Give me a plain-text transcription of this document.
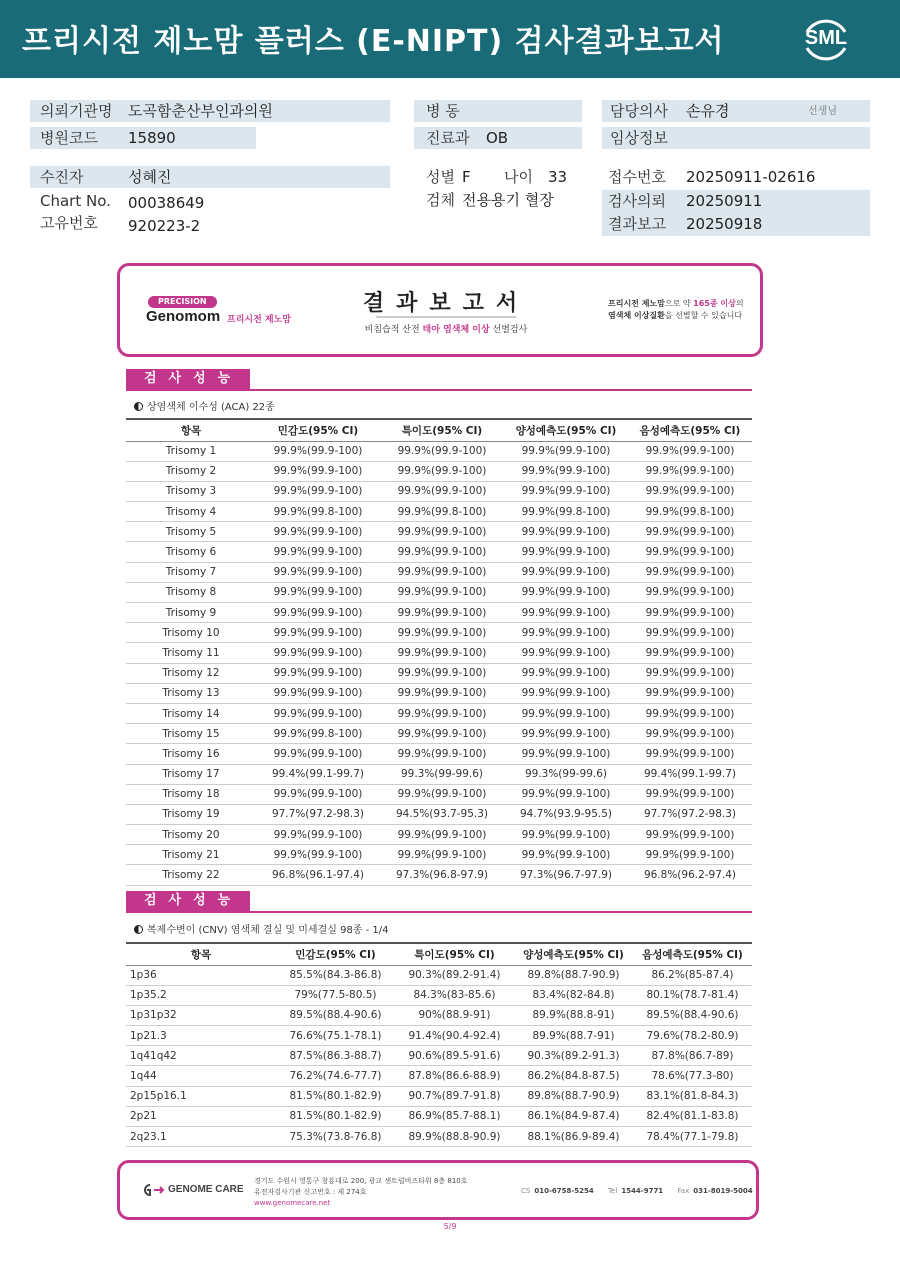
프리시전 제노맘 플러스 (E-NIPT) 검사결과보고서	SML
의뢰기관명 도곡함춘산부인과의원
병원코드 15890
병 동
진료과 OB
담당의사 손유경	선생님
임상정보
수진자	성혜진
Chart No. 00038649
고유번호 920223-2
성별 F 나이 33
검체 전용용기 혈장
접수번호 20250911-02616
검사의뢰 20250911
결과보고 20250918
PRECISION
Genomom 프리시전 제노맘
결과보고서
비침습적 산전 태아 염색체 이상 선별검사
프리시전 제노맘으로 약 165종 이상의
염색체 이상질환을 선별할 수 있습니다
검사성능
상염색체 이수성 (ACA) 22종
항목	민감도(95% CI)	특이도(95% CI)	양성예측도(95% CI)	음성예측도(95% CI)
Trisomy 1	99.9%(99.9-100)	99.9%(99.9-100)	99.9%(99.9-100)	99.9%(99.9-100)
Trisomy 2	99.9%(99.9-100)	99.9%(99.9-100)	99.9%(99.9-100)	99.9%(99.9-100)
Trisomy 3	99.9%(99.9-100)	99.9%(99.9-100)	99.9%(99.9-100)	99.9%(99.9-100)
Trisomy 4	99.9%(99.8-100)	99.9%(99.8-100)	99.9%(99.8-100)	99.9%(99.8-100)
Trisomy 5	99.9%(99.9-100)	99.9%(99.9-100)	99.9%(99.9-100)	99.9%(99.9-100)
Trisomy 6	99.9%(99.9-100)	99.9%(99.9-100)	99.9%(99.9-100)	99.9%(99.9-100)
Trisomy 7	99.9%(99.9-100)	99.9%(99.9-100)	99.9%(99.9-100)	99.9%(99.9-100)
Trisomy 8	99.9%(99.9-100)	99.9%(99.9-100)	99.9%(99.9-100)	99.9%(99.9-100)
Trisomy 9	99.9%(99.9-100)	99.9%(99.9-100)	99.9%(99.9-100)	99.9%(99.9-100)
Trisomy 10	99.9%(99.9-100)	99.9%(99.9-100)	99.9%(99.9-100)	99.9%(99.9-100)
Trisomy 11	99.9%(99.9-100)	99.9%(99.9-100)	99.9%(99.9-100)	99.9%(99.9-100)
Trisomy 12	99.9%(99.9-100)	99.9%(99.9-100)	99.9%(99.9-100)	99.9%(99.9-100)
Trisomy 13	99.9%(99.9-100)	99.9%(99.9-100)	99.9%(99.9-100)	99.9%(99.9-100)
Trisomy 14	99.9%(99.9-100)	99.9%(99.9-100)	99.9%(99.9-100)	99.9%(99.9-100)
Trisomy 15	99.9%(99.8-100)	99.9%(99.9-100)	99.9%(99.9-100)	99.9%(99.9-100)
Trisomy 16	99.9%(99.9-100)	99.9%(99.9-100)	99.9%(99.9-100)	99.9%(99.9-100)
Trisomy 17	99.4%(99.1-99.7)	99.3%(99-99.6)	99.3%(99-99.6)	99.4%(99.1-99.7)
Trisomy 18	99.9%(99.9-100)	99.9%(99.9-100)	99.9%(99.9-100)	99.9%(99.9-100)
Trisomy 19	97.7%(97.2-98.3)	94.5%(93.7-95.3)	94.7%(93.9-95.5)	97.7%(97.2-98.3)
Trisomy 20	99.9%(99.9-100)	99.9%(99.9-100)	99.9%(99.9-100)	99.9%(99.9-100)
Trisomy 21	99.9%(99.9-100)	99.9%(99.9-100)	99.9%(99.9-100)	99.9%(99.9-100)
Trisomy 22	96.8%(96.1-97.4)	97.3%(96.8-97.9)	97.3%(96.7-97.9)	96.8%(96.2-97.4)
검사성능
복제수변이 (CNV) 염색체 결실 및 미세결실 98종 - 1/4
항목	민감도(95% CI)	특이도(95% CI)	양성예측도(95% CI)	음성예측도(95% CI)
1p36	85.5%(84.3-86.8)	90.3%(89.2-91.4)	89.8%(88.7-90.9)	86.2%(85-87.4)
1p35.2	79%(77.5-80.5)	84.3%(83-85.6)	83.4%(82-84.8)	80.1%(78.7-81.4)
1p31p32	89.5%(88.4-90.6)	90%(88.9-91)	89.9%(88.8-91)	89.5%(88.4-90.6)
1p21.3	76.6%(75.1-78.1)	91.4%(90.4-92.4)	89.9%(88.7-91)	79.6%(78.2-80.9)
1q41q42	87.5%(86.3-88.7)	90.6%(89.5-91.6)	90.3%(89.2-91.3)	87.8%(86.7-89)
1q44	76.2%(74.6-77.7)	87.8%(86.6-88.9)	86.2%(84.8-87.5)	78.6%(77.3-80)
2p15p16.1	81.5%(80.1-82.9)	90.7%(89.7-91.8)	89.8%(88.7-90.9)	83.1%(81.8-84.3)
2p21	81.5%(80.1-82.9)	86.9%(85.7-88.1)	86.1%(84.9-87.4)	82.4%(81.1-83.8)
2q23.1	75.3%(73.8-76.8)	89.9%(88.8-90.9)	88.1%(86.9-89.4)	78.4%(77.1-79.8)
GENOME CARE
경기도 수원시 영통구 창룡대로 200, 광교 센트럴비즈타워 8층 810호
유전자검사기관 신고번호 : 제 274호
www.genomecare.net
CS 010-6758-5254 Tel 1544-9771 Fax 031-8019-5004
5/9
